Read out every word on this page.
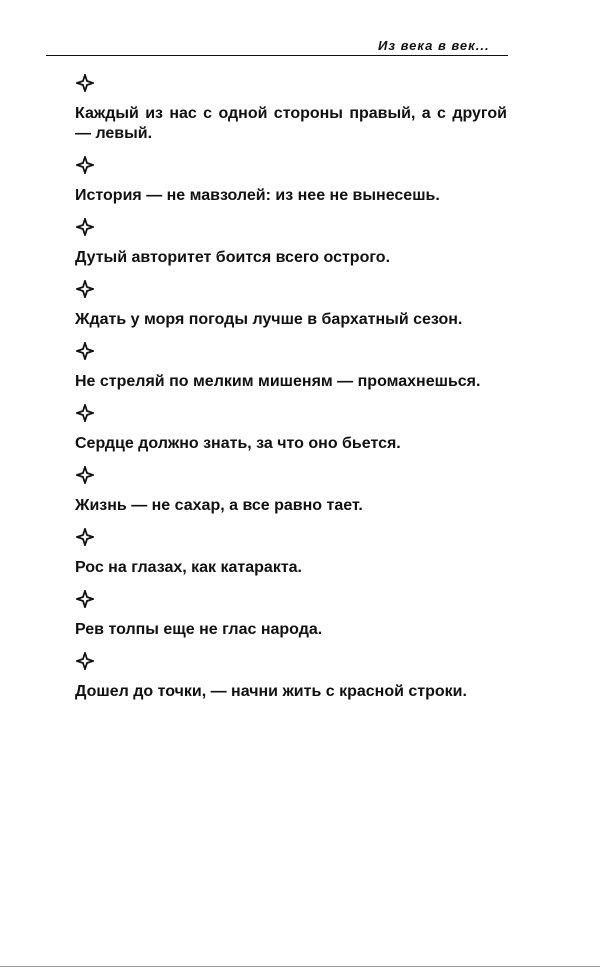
Из века в век...

Каждый из нас с одной стороны правый, а с другой — левый.

История — не мавзолей: из нее не вынесешь.

Дутый авторитет боится всего острого.

Ждать у моря погоды лучше в бархатный сезон.

Не стреляй по мелким мишеням — промахнешься.

Сердце должно знать, за что оно бьется.

Жизнь — не сахар, а все равно тает.

Рос на глазах, как катаракта.

Рев толпы еще не глас народа.

Дошел до точки, — начни жить с красной строки.
